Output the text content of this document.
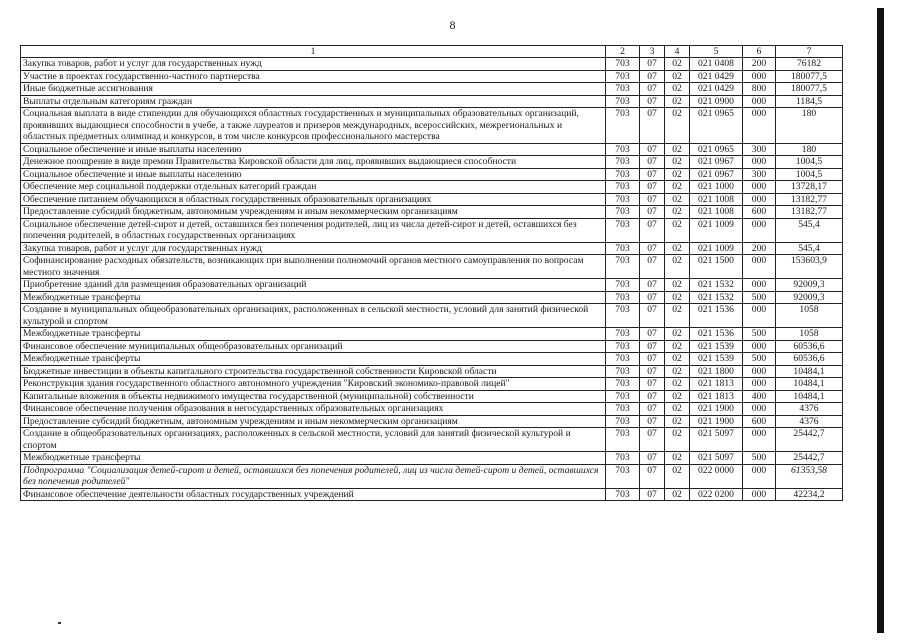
8
1	2	3	4	5	6	7
Закупка товаров, работ и услуг для государственных нужд	703	07	02	021 0408	200	76182
Участие в проектах государственно-частного партнерства	703	07	02	021 0429	000	180077,5
Иные бюджетные ассигнования	703	07	02	021 0429	800	180077,5
Выплаты отдельным категориям граждан	703	07	02	021 0900	000	1184,5
Социальная выплата в виде стипендии для обучающихся областных государственных и муниципальных образовательных организаций, проявивших выдающиеся способности в учебе, а также лауреатов и призеров международных, всероссийских, межрегиональных и областных предметных олимпиад и конкурсов, в том числе конкурсов профессионального мастерства	703	07	02	021 0965	000	180
Социальное обеспечение и иные выплаты населению	703	07	02	021 0965	300	180
Денежное поощрение в виде премии Правительства Кировской области для лиц, проявивших выдающиеся способности	703	07	02	021 0967	000	1004,5
Социальное обеспечение и иные выплаты населению	703	07	02	021 0967	300	1004,5
Обеспечение мер социальной поддержки отдельных категорий граждан	703	07	02	021 1000	000	13728,17
Обеспечение питанием обучающихся в областных государственных образовательных организациях	703	07	02	021 1008	000	13182,77
Предоставление субсидий бюджетным, автономным учреждениям и иным некоммерческим организациям	703	07	02	021 1008	600	13182,77
Социальное обеспечение детей-сирот и детей, оставшихся без попечения родителей, лиц из числа детей-сирот и детей, оставшихся без попечения родителей, в областных государственных организациях	703	07	02	021 1009	000	545,4
Закупка товаров, работ и услуг для государственных нужд	703	07	02	021 1009	200	545,4
Софинансирование расходных обязательств, возникающих при выполнении полномочий органов местного самоуправления по вопросам местного значения	703	07	02	021 1500	000	153603,9
Приобретение зданий для размещения образовательных организаций	703	07	02	021 1532	000	92009,3
Межбюджетные трансферты	703	07	02	021 1532	500	92009,3
Создание в муниципальных общеобразовательных организациях, расположенных в сельской местности, условий для занятий физической культурой и спортом	703	07	02	021 1536	000	1058
Межбюджетные трансферты	703	07	02	021 1536	500	1058
Финансовое обеспечение муниципальных общеобразовательных организаций	703	07	02	021 1539	000	60536,6
Межбюджетные трансферты	703	07	02	021 1539	500	60536,6
Бюджетные инвестиции в объекты капитального строительства государственной собственности Кировской области	703	07	02	021 1800	000	10484,1
Реконструкция здания государственного областного автономного учреждения "Кировский экономико-правовой лицей"	703	07	02	021 1813	000	10484,1
Капитальные вложения в объекты недвижимого имущества государственной (муниципальной) собственности	703	07	02	021 1813	400	10484,1
Финансовое обеспечение получения образования в негосударственных образовательных организациях	703	07	02	021 1900	000	4376
Предоставление субсидий бюджетным, автономным учреждениям и иным некоммерческим организациям	703	07	02	021 1900	600	4376
Создание в общеобразовательных организациях, расположенных в сельской местности, условий для занятий физической культурой и спортом	703	07	02	021 5097	000	25442,7
Межбюджетные трансферты	703	07	02	021 5097	500	25442,7
Подпрограмма "Социализация детей-сирот и детей, оставшихся без попечения родителей, лиц из числа детей-сирот и детей, оставшихся без попечения родителей"	703	07	02	022 0000	000	61353,58
Финансовое обеспечение деятельности областных государственных учреждений	703	07	02	022 0200	000	42234,2
